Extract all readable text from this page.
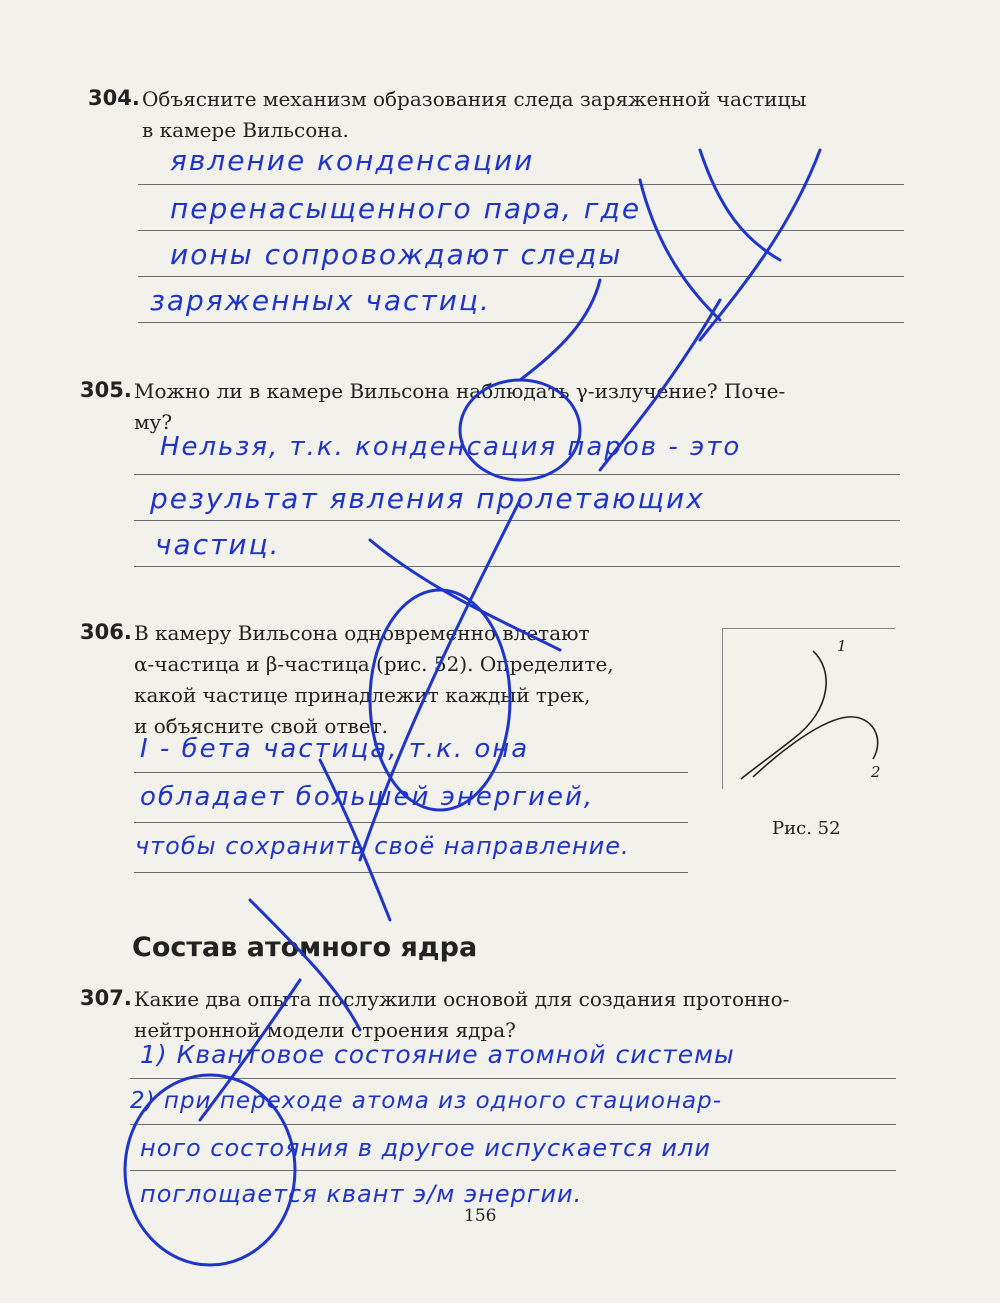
304. Объясните механизм образования следа заряженной частицы
в камере Вильсона.
явление конденсации
перенасыщенного пара, где
ионы сопровождают следы
заряженных частиц.
305. Можно ли в камере Вильсона наблюдать γ-излучение? Поче-
му?
Нельзя, т.к. конденсация паров - это
результат явления пролетающих
частиц.
306. В камеру Вильсона одновременно влетают
α-частица и β-частица (рис. 52). Определите,
какой частице принадлежит каждый трек,
и объясните свой ответ.
I - бета частица, т.к. она
обладает большей энергией,
чтобы сохранить своё направление.
1
2
Рис. 52
Состав атомного ядра
307. Какие два опыта послужили основой для создания протонно-
нейтронной модели строения ядра?
1) Квантовое состояние атомной системы
2) при переходе атома из одного стационар-
ного состояния в другое испускается или
поглощается квант э/м энергии.
156
